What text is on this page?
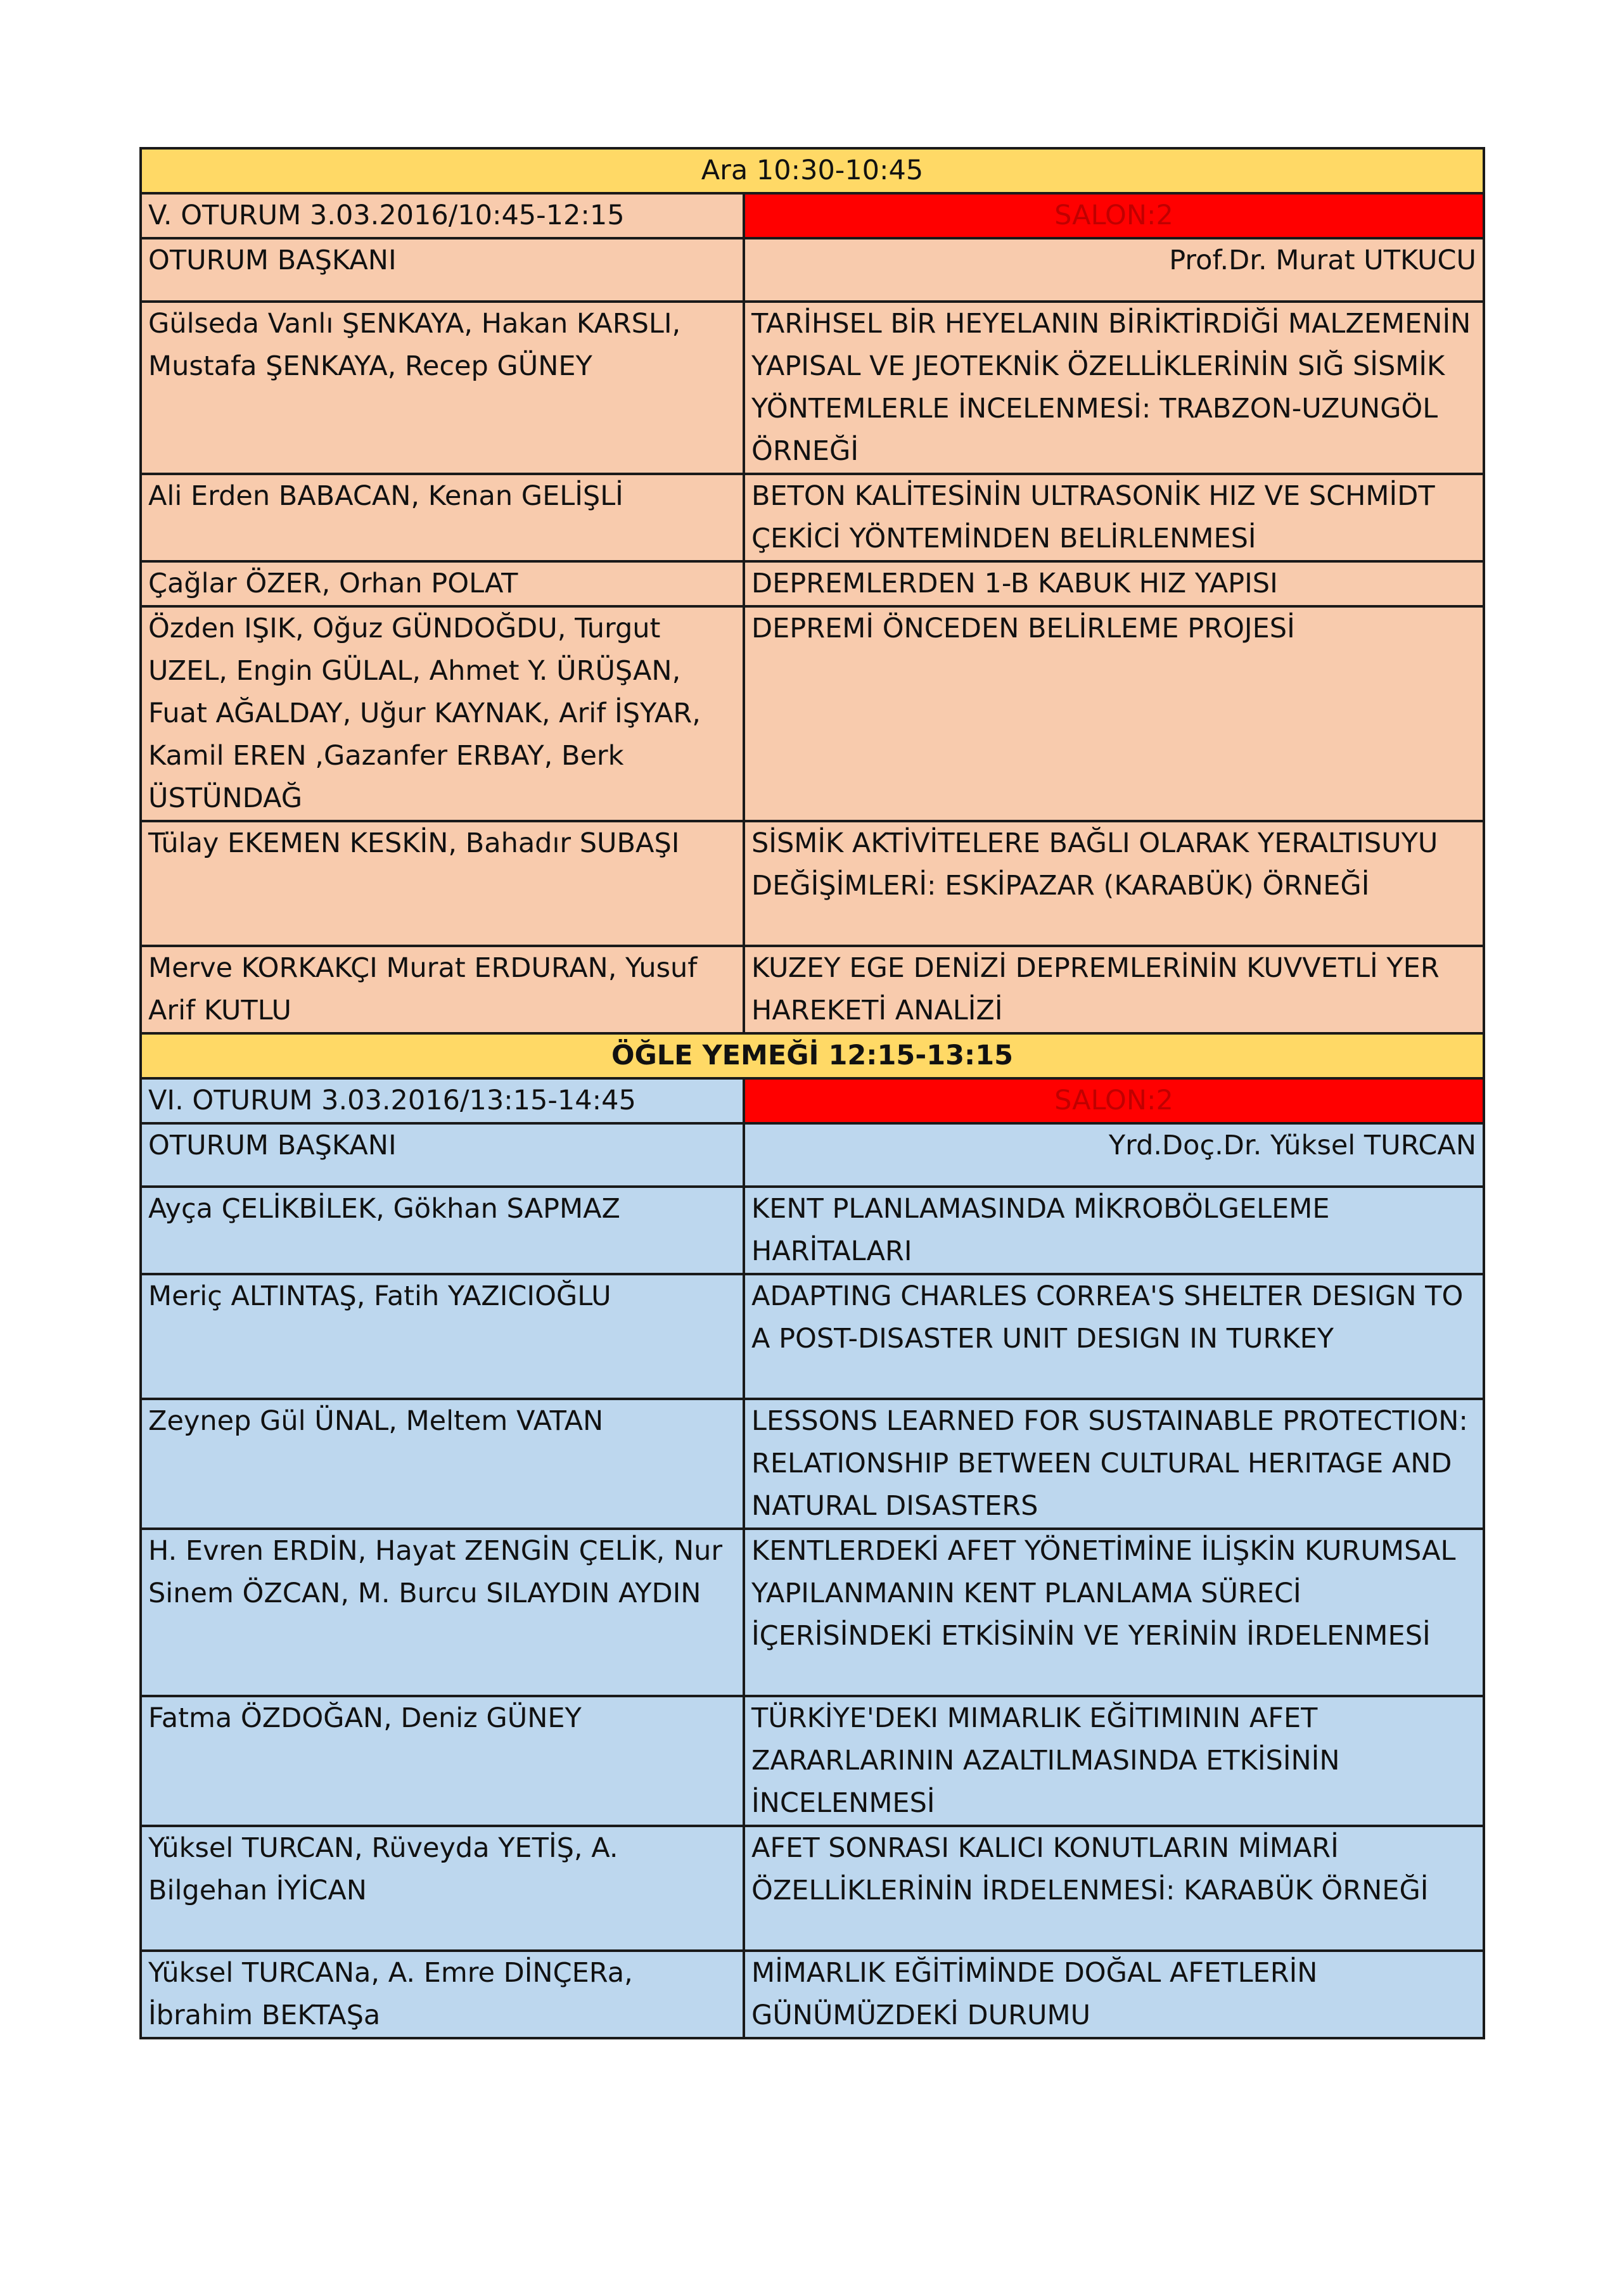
Ara 10:30-10:45	
V. OTURUM 3.03.2016/10:45-12:15	SALON:2
OTURUM BAŞKANI	Prof.Dr. Murat UTKUCU
Gülseda Vanlı ŞENKAYA, Hakan KARSLI, Mustafa ŞENKAYA, Recep GÜNEY	TARİHSEL BİR HEYELANIN BİRİKTİRDİĞİ MALZEMENİN YAPISAL VE JEOTEKNİK ÖZELLİKLERİNİN SIĞ SİSMİK YÖNTEMLERLE İNCELENMESİ: TRABZON-UZUNGÖL ÖRNEĞİ
Ali Erden BABACAN, Kenan GELİŞLİ	BETON KALİTESİNİN ULTRASONİK HIZ VE SCHMİDT ÇEKİCİ YÖNTEMİNDEN BELİRLENMESİ
Çağlar ÖZER, Orhan POLAT	DEPREMLERDEN 1-B KABUK HIZ YAPISI
Özden IŞIK, Oğuz GÜNDOĞDU, Turgut UZEL, Engin GÜLAL, Ahmet Y. ÜRÜŞAN, Fuat AĞALDAY, Uğur KAYNAK, Arif İŞYAR, Kamil EREN ,Gazanfer ERBAY, Berk ÜSTÜNDAĞ	DEPREMİ ÖNCEDEN BELİRLEME PROJESİ
Tülay EKEMEN KESKİN, Bahadır SUBAŞI	SİSMİK AKTİVİTELERE BAĞLI OLARAK YERALTISUYU DEĞİŞİMLERİ: ESKİPAZAR (KARABÜK) ÖRNEĞİ
Merve KORKAKÇI Murat ERDURAN, Yusuf Arif KUTLU	KUZEY EGE DENİZİ DEPREMLERİNİN KUVVETLİ YER HAREKETİ ANALİZİ
ÖĞLE YEMEĞİ 12:15-13:15	
VI. OTURUM 3.03.2016/13:15-14:45	SALON:2
OTURUM BAŞKANI	Yrd.Doç.Dr. Yüksel TURCAN
Ayça ÇELİKBİLEK, Gökhan SAPMAZ	KENT PLANLAMASINDA MİKROBÖLGELEME HARİTALARI
Meriç ALTINTAŞ, Fatih YAZICIOĞLU	ADAPTING CHARLES CORREA'S SHELTER DESIGN TO A POST-DISASTER UNIT DESIGN IN TURKEY
Zeynep Gül ÜNAL, Meltem VATAN	LESSONS LEARNED FOR SUSTAINABLE PROTECTION: RELATIONSHIP BETWEEN CULTURAL HERITAGE AND NATURAL DISASTERS
H. Evren ERDİN, Hayat ZENGİN ÇELİK, Nur Sinem ÖZCAN, M. Burcu SILAYDIN AYDIN	KENTLERDEKİ AFET YÖNETİMİNE İLİŞKİN KURUMSAL YAPILANMANIN KENT PLANLAMA SÜRECİ İÇERİSİNDEKİ ETKİSİNİN VE YERİNİN İRDELENMESİ
Fatma ÖZDOĞAN, Deniz GÜNEY	TÜRKİYE'DEKI MIMARLIK EĞİTIMININ AFET ZARARLARININ AZALTILMASINDA ETKİSİNİN İNCELENMESİ
Yüksel TURCAN, Rüveyda YETİŞ, A. Bilgehan İYİCAN	AFET SONRASI KALICI KONUTLARIN MİMARİ ÖZELLİKLERİNİN İRDELENMESİ: KARABÜK ÖRNEĞİ
Yüksel TURCANa, A. Emre DİNÇERa, İbrahim BEKTAŞa	MİMARLIK EĞİTİMİNDE DOĞAL AFETLERİN GÜNÜMÜZDEKİ DURUMU
